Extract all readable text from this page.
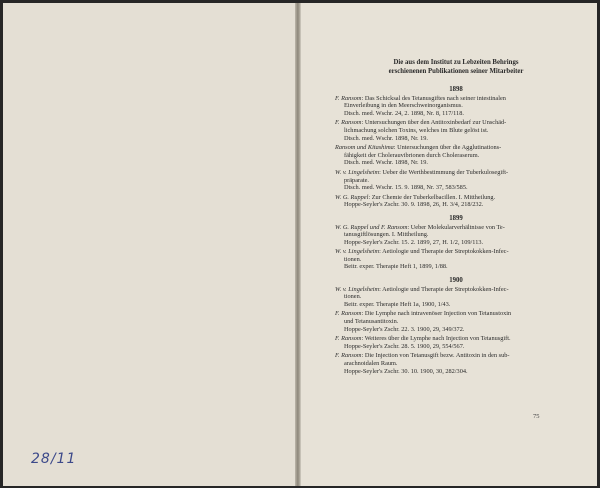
28/11
Die aus dem Institut zu Lebzeiten Behrings
erschienenen Publikationen seiner Mitarbeiter
1898
F. Ransom: Das Schicksal des Tetanusgiftes nach seiner intestinalen
Einverleibung in den Meerschweinorganismus.
Dtsch. med. Wschr. 24, 2. 1898, Nr. 8, 117/118.
F. Ransom: Untersuchungen über den Antitoxinbedarf zur Unschäd-
lichmachung solchen Toxins, welches im Blute gelöst ist.
Dtsch. med. Wschr. 1898, Nr. 19.
Ransom und Kitashima: Untersuchungen über die Agglutinations-
fähigkeit der Cholerauvibrionen durch Choleraserum.
Dtsch. med. Wschr. 1898, Nr. 19.
W. v. Lingelsheim: Ueber die Werthbestimmung der Tuberkulosegift-
präparate.
Dtsch. med. Wschr. 15. 9. 1898, Nr. 37, 583/585.
W. G. Ruppel: Zur Chemie der Tuberkelbacillen. I. Mittheilung.
Hoppe-Seyler's Zschr. 30. 9. 1898, 26, H. 3/4, 218/232.
1899
W. G. Ruppel und F. Ransom: Ueber Molekularverhältnisse von Te-
tanusgiftlösungen. I. Mittheilung.
Hoppe-Seyler's Zschr. 15. 2. 1899, 27, H. 1/2, 109/113.
W. v. Lingelsheim: Aetiologie und Therapie der Streptokokken-Infec-
tionen.
Beitr. exper. Therapie Heft 1, 1899, 1/88.
1900
W. v. Lingelsheim: Aetiologie und Therapie der Streptokokken-Infec-
tionen.
Beitr. exper. Therapie Heft 1a, 1900, 1/43.
F. Ransom: Die Lymphe nach intravenöser Injection von Tetanustoxin
und Tetanusantitoxin.
Hoppe-Seyler's Zschr. 22. 3. 1900, 29, 349/372.
F. Ransom: Weiteres über die Lymphe nach Injection von Tetanusgift.
Hoppe-Seyler's Zschr. 28. 5. 1900, 29, 554/567.
F. Ransom: Die Injection von Tetanusgift bezw. Antitoxin in den sub-
arachnoidalen Raum.
Hoppe-Seyler's Zschr. 30. 10. 1900, 30, 282/304.
75
